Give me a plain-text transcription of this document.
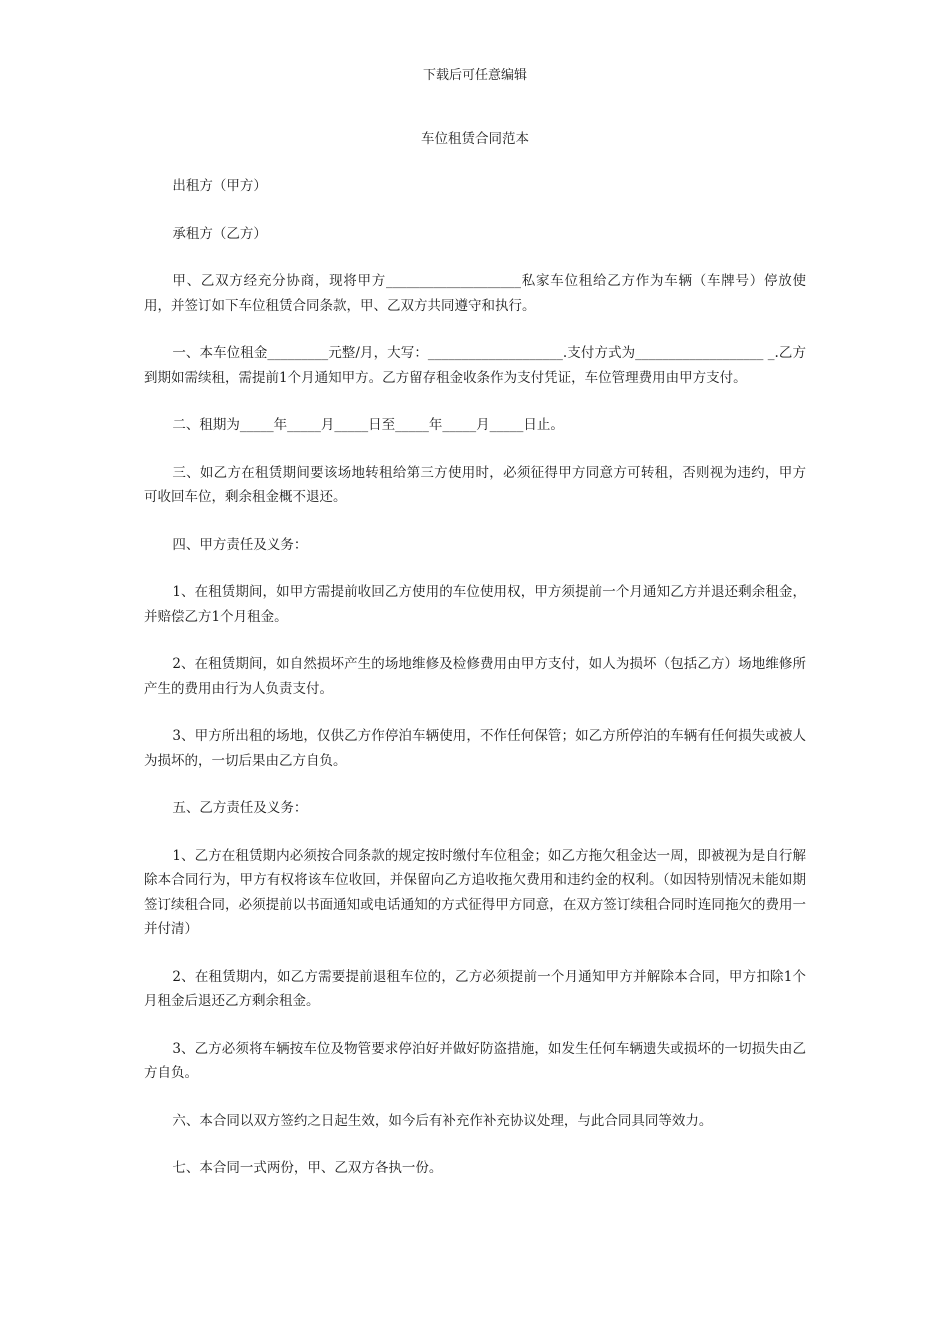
下载后可任意编辑
车位租赁合同范本

出租方（甲方）

承租方（乙方）

甲、乙双方经充分协商，现将甲方____________________私家车位租给乙方作为车辆（车牌号）停放使用，并签订如下车位租赁合同条款，甲、乙双方共同遵守和执行。

一、本车位租金_________元整/月，大写：____________________.支付方式为___________________ _.乙方到期如需续租，需提前1个月通知甲方。乙方留存租金收条作为支付凭证，车位管理费用由甲方支付。

二、租期为_____年_____月_____日至_____年_____月_____日止。

三、如乙方在租赁期间要该场地转租给第三方使用时，必须征得甲方同意方可转租，否则视为违约，甲方可收回车位，剩余租金概不退还。

四、甲方责任及义务：

1、在租赁期间，如甲方需提前收回乙方使用的车位使用权，甲方须提前一个月通知乙方并退还剩余租金，并赔偿乙方1个月租金。

2、在租赁期间，如自然损坏产生的场地维修及检修费用由甲方支付，如人为损坏（包括乙方）场地维修所产生的费用由行为人负责支付。

3、甲方所出租的场地，仅供乙方作停泊车辆使用，不作任何保管；如乙方所停泊的车辆有任何损失或被人为损坏的，一切后果由乙方自负。

五、乙方责任及义务：

1、乙方在租赁期内必须按合同条款的规定按时缴付车位租金；如乙方拖欠租金达一周，即被视为是自行解除本合同行为，甲方有权将该车位收回，并保留向乙方追收拖欠费用和违约金的权利。（如因特别情况未能如期签订续租合同，必须提前以书面通知或电话通知的方式征得甲方同意，在双方签订续租合同时连同拖欠的费用一并付清）

2、在租赁期内，如乙方需要提前退租车位的，乙方必须提前一个月通知甲方并解除本合同，甲方扣除1个月租金后退还乙方剩余租金。

3、乙方必须将车辆按车位及物管要求停泊好并做好防盗措施，如发生任何车辆遗失或损坏的一切损失由乙方自负。

六、本合同以双方签约之日起生效，如今后有补充作补充协议处理，与此合同具同等效力。

七、本合同一式两份，甲、乙双方各执一份。
